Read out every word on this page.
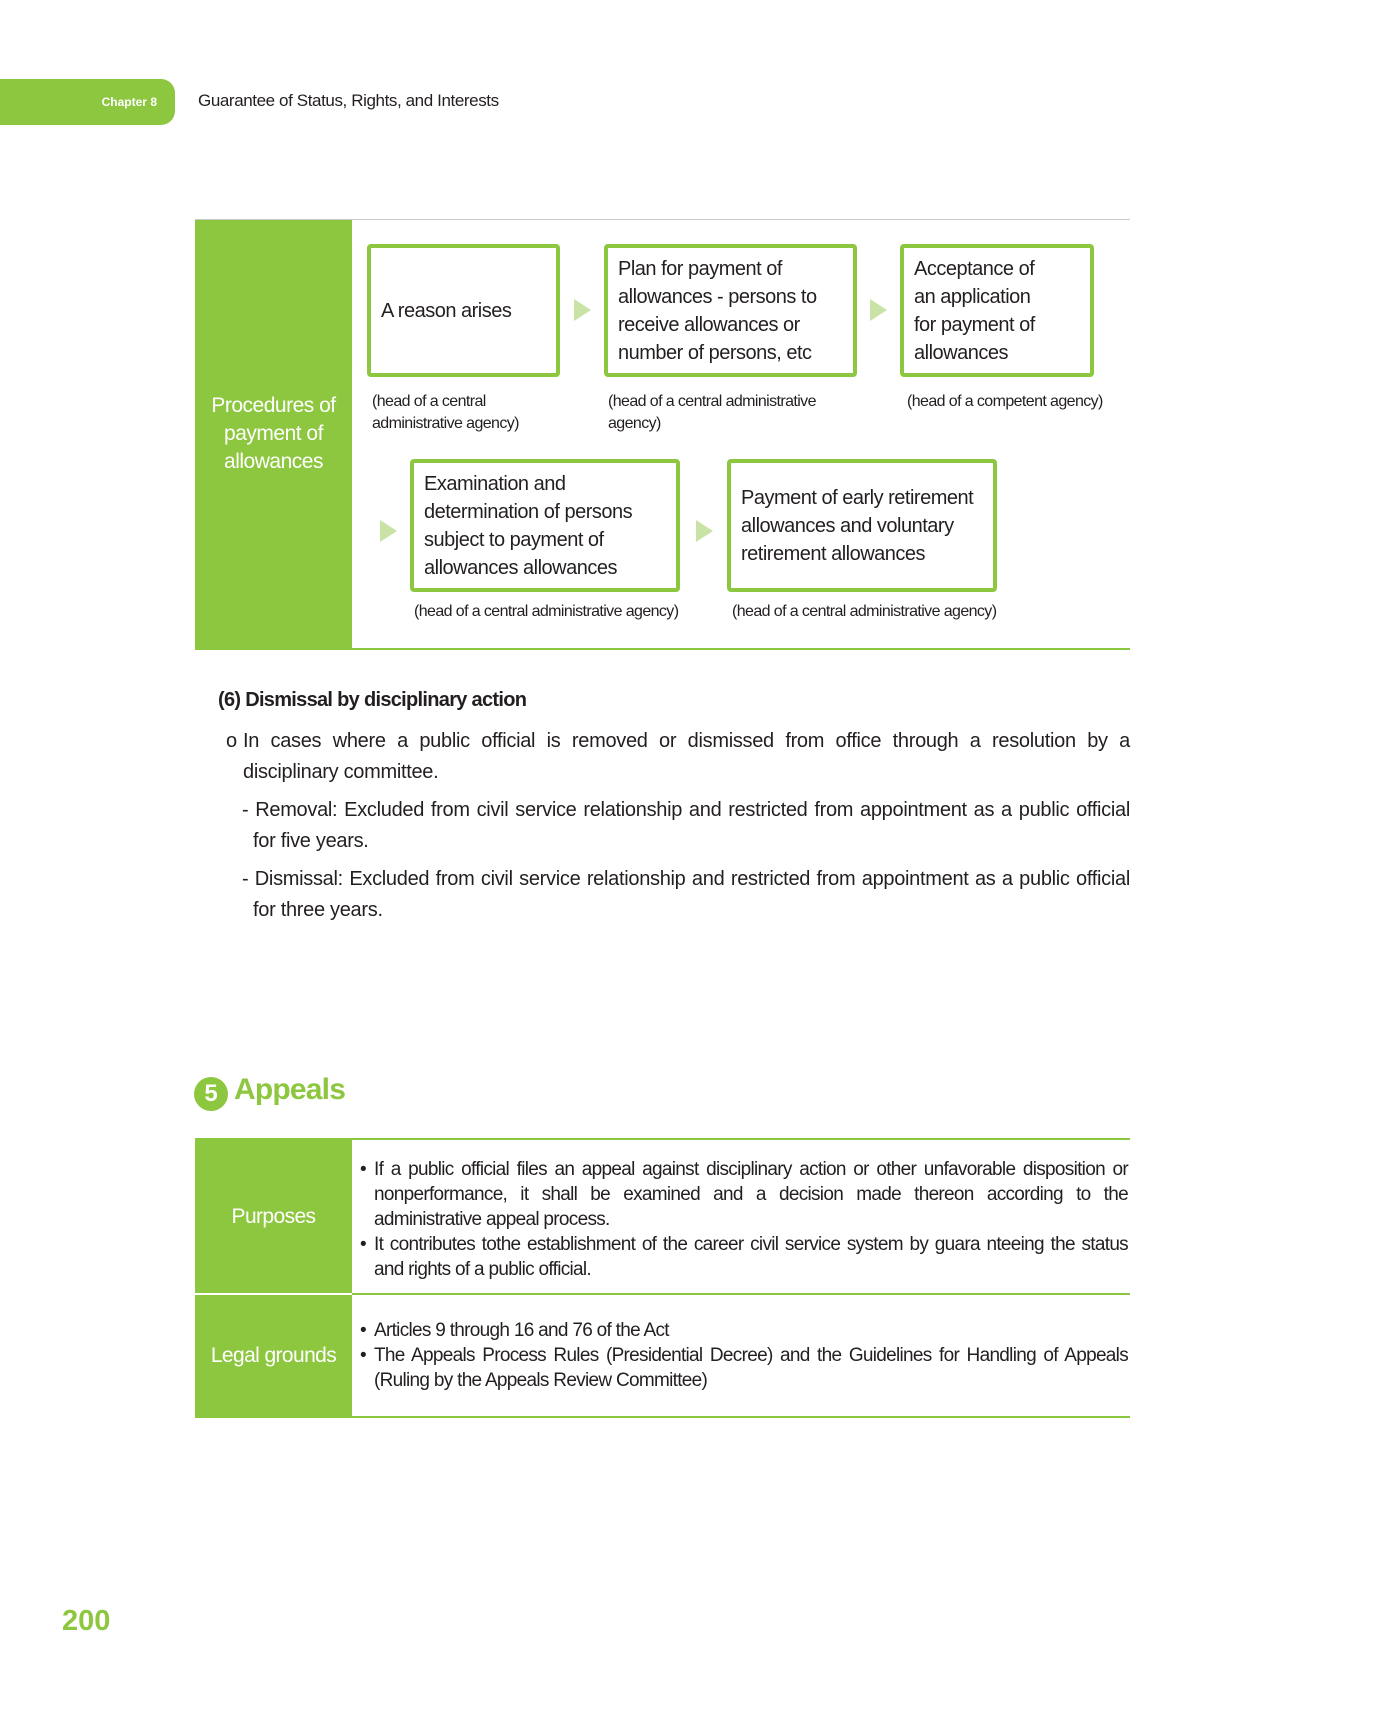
Chapter 8 Guarantee of Status, Rights, and Interests
Procedures of
payment of
allowances
A reason arises
Plan for payment of
allowances - persons to
receive allowances or
number of persons, etc
Acceptance of
an application
for payment of
allowances
(head of a central
administrative agency)
(head of a central administrative
agency)
(head of a competent agency)
Examination and
determination of persons
subject to payment of
allowances allowances
Payment of early retirement
allowances and voluntary
retirement allowances
(head of a central administrative agency)	(head of a central administrative agency)
(6) Dismissal by disciplinary action
o In cases where a public official is removed or dismissed from office through a resolution by a disciplinary committee.
- Removal: Excluded from civil service relationship and restricted from appointment as a public official for five years.
- Dismissal: Excluded from civil service relationship and restricted from appointment as a public official for three years.
5 Appeals
Purposes
• If a public official files an appeal against disciplinary action or other unfavorable disposition or nonperformance, it shall be examined and a decision made thereon according to the administrative appeal process.
• It contributes tothe establishment of the career civil service system by guara nteeing the status and rights of a public official.
Legal grounds
• Articles 9 through 16 and 76 of the Act
• The Appeals Process Rules (Presidential Decree) and the Guidelines for Handling of Appeals (Ruling by the Appeals Review Committee)
200
